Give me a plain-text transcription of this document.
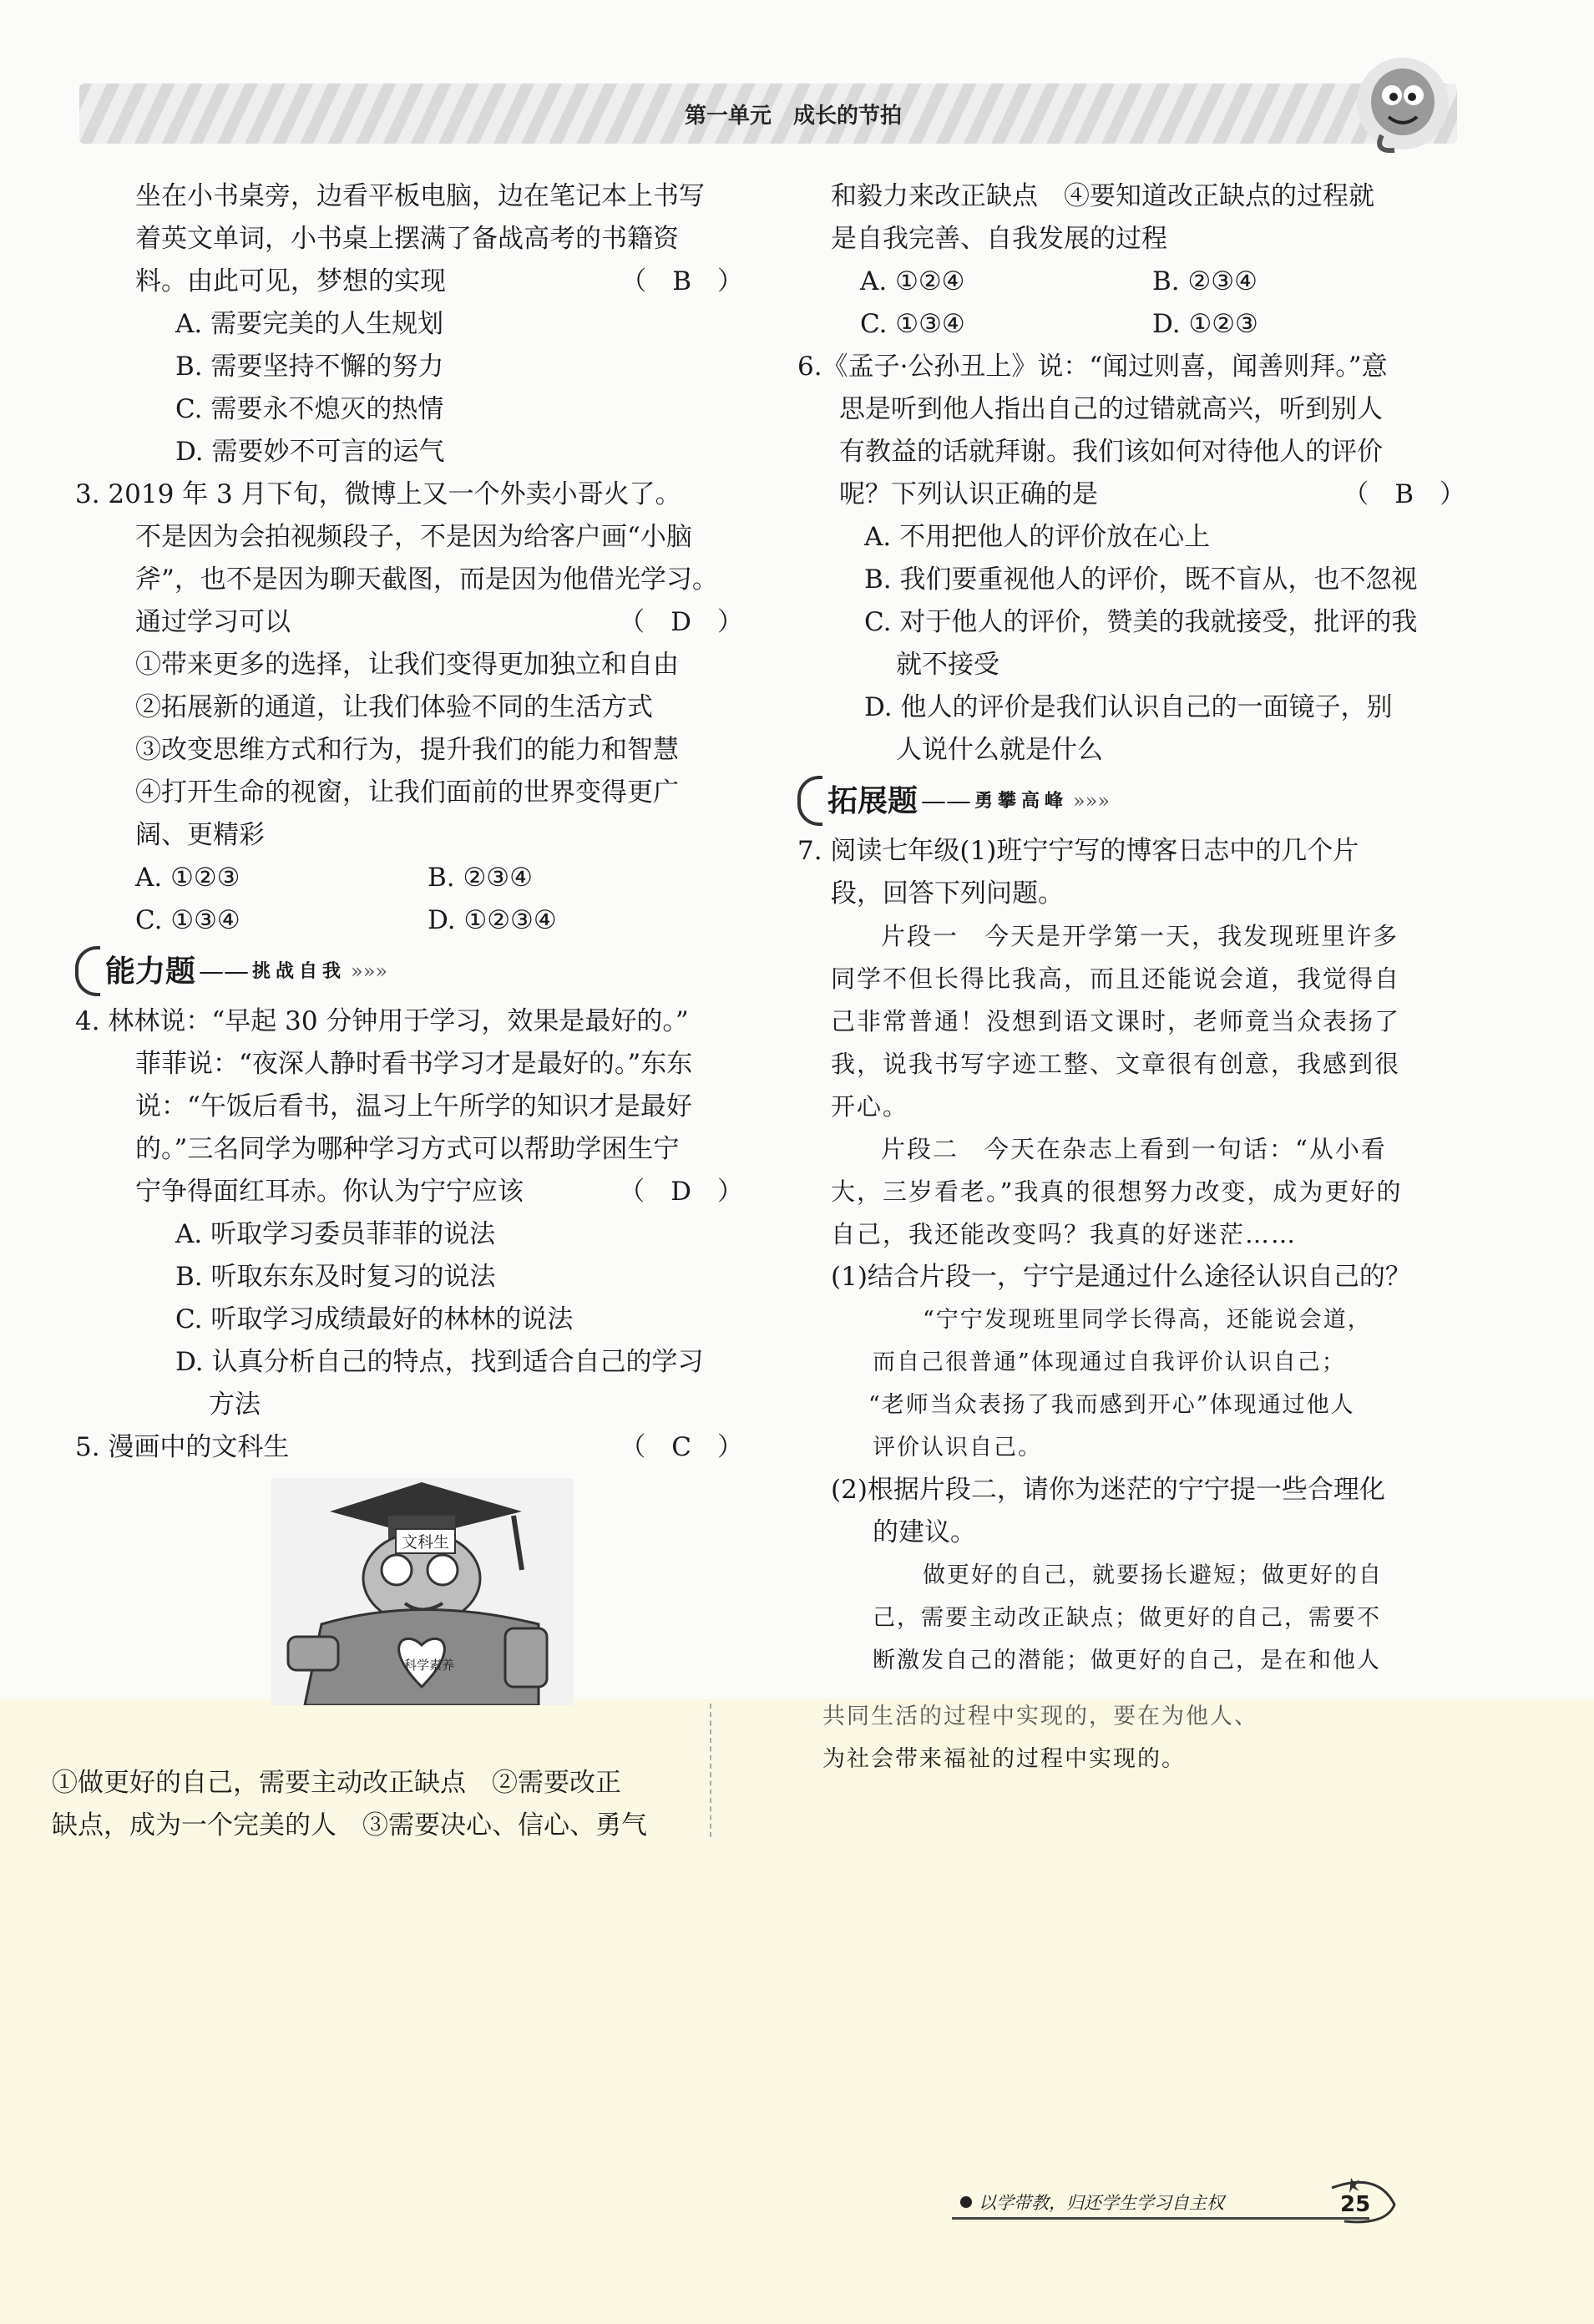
第一单元　成长的节拍

坐在小书桌旁，边看平板电脑，边在笔记本上书写

着英文单词，小书桌上摆满了备战高考的书籍资

料。由此可见，梦想的实现	（　B　）

A. 需要完美的人生规划

B. 需要坚持不懈的努力

C. 需要永不熄灭的热情

D. 需要妙不可言的运气

3. 2019 年 3 月下旬，微博上又一个外卖小哥火了。

不是因为会拍视频段子，不是因为给客户画“小脑

斧”，也不是因为聊天截图，而是因为他借光学习。

通过学习可以	（　D　）

①带来更多的选择，让我们变得更加独立和自由

②拓展新的通道，让我们体验不同的生活方式

③改变思维方式和行为，提升我们的能力和智慧

④打开生命的视窗，让我们面前的世界变得更广

阔、更精彩

A. ①②③	B. ②③④
C. ①③④	D. ①②③④
能力题 —— 挑战自我 »»»

4. 林林说：“早起 30 分钟用于学习，效果是最好的。”

菲菲说：“夜深人静时看书学习才是最好的。”东东

说：“午饭后看书，温习上午所学的知识才是最好

的。”三名同学为哪种学习方式可以帮助学困生宁

宁争得面红耳赤。你认为宁宁应该	（　D　）

A. 听取学习委员菲菲的说法

B. 听取东东及时复习的说法

C. 听取学习成绩最好的林林的说法

D. 认真分析自己的特点，找到适合自己的学习

方法

5. 漫画中的文科生	（　C　）
文科生
科学素养

和毅力来改正缺点　④要知道改正缺点的过程就

是自我完善、自我发展的过程

A. ①②④	B. ②③④
C. ①③④	D. ①②③

6.《孟子·公孙丑上》说：“闻过则喜，闻善则拜。”意

思是听到他人指出自己的过错就高兴，听到别人

有教益的话就拜谢。我们该如何对待他人的评价

呢？下列认识正确的是	（　B　）

A. 不用把他人的评价放在心上

B. 我们要重视他人的评价，既不盲从，也不忽视

C. 对于他人的评价，赞美的我就接受，批评的我

就不接受

D. 他人的评价是我们认识自己的一面镜子，别

人说什么就是什么

拓展题 —— 勇攀高峰 »»»

7. 阅读七年级(1)班宁宁写的博客日志中的几个片

段，回答下列问题。

片段一　今天是开学第一天，我发现班里许多

同学不但长得比我高，而且还能说会道，我觉得自

己非常普通！没想到语文课时，老师竟当众表扬了

我，说我书写字迹工整、文章很有创意，我感到很

开心。

片段二　今天在杂志上看到一句话：“从小看

大，三岁看老。”我真的很想努力改变，成为更好的

自己，我还能改变吗？我真的好迷茫……

(1)结合片段一，宁宁是通过什么途径认识自己的？

“宁宁发现班里同学长得高，还能说会道，

而自己很普通”体现通过自我评价认识自己；

“老师当众表扬了我而感到开心”体现通过他人

评价认识自己。

(2)根据片段二，请你为迷茫的宁宁提一些合理化

的建议。

做更好的自己，就要扬长避短；做更好的自

己，需要主动改正缺点；做更好的自己，需要不

断激发自己的潜能；做更好的自己，是在和他人

共同生活的过程中实现的，要在为他人、

为社会带来福祉的过程中实现的。

①做更好的自己，需要主动改正缺点　②需要改正

缺点，成为一个完美的人　③需要决心、信心、勇气

以学带教，归还学生学习自主权	25
